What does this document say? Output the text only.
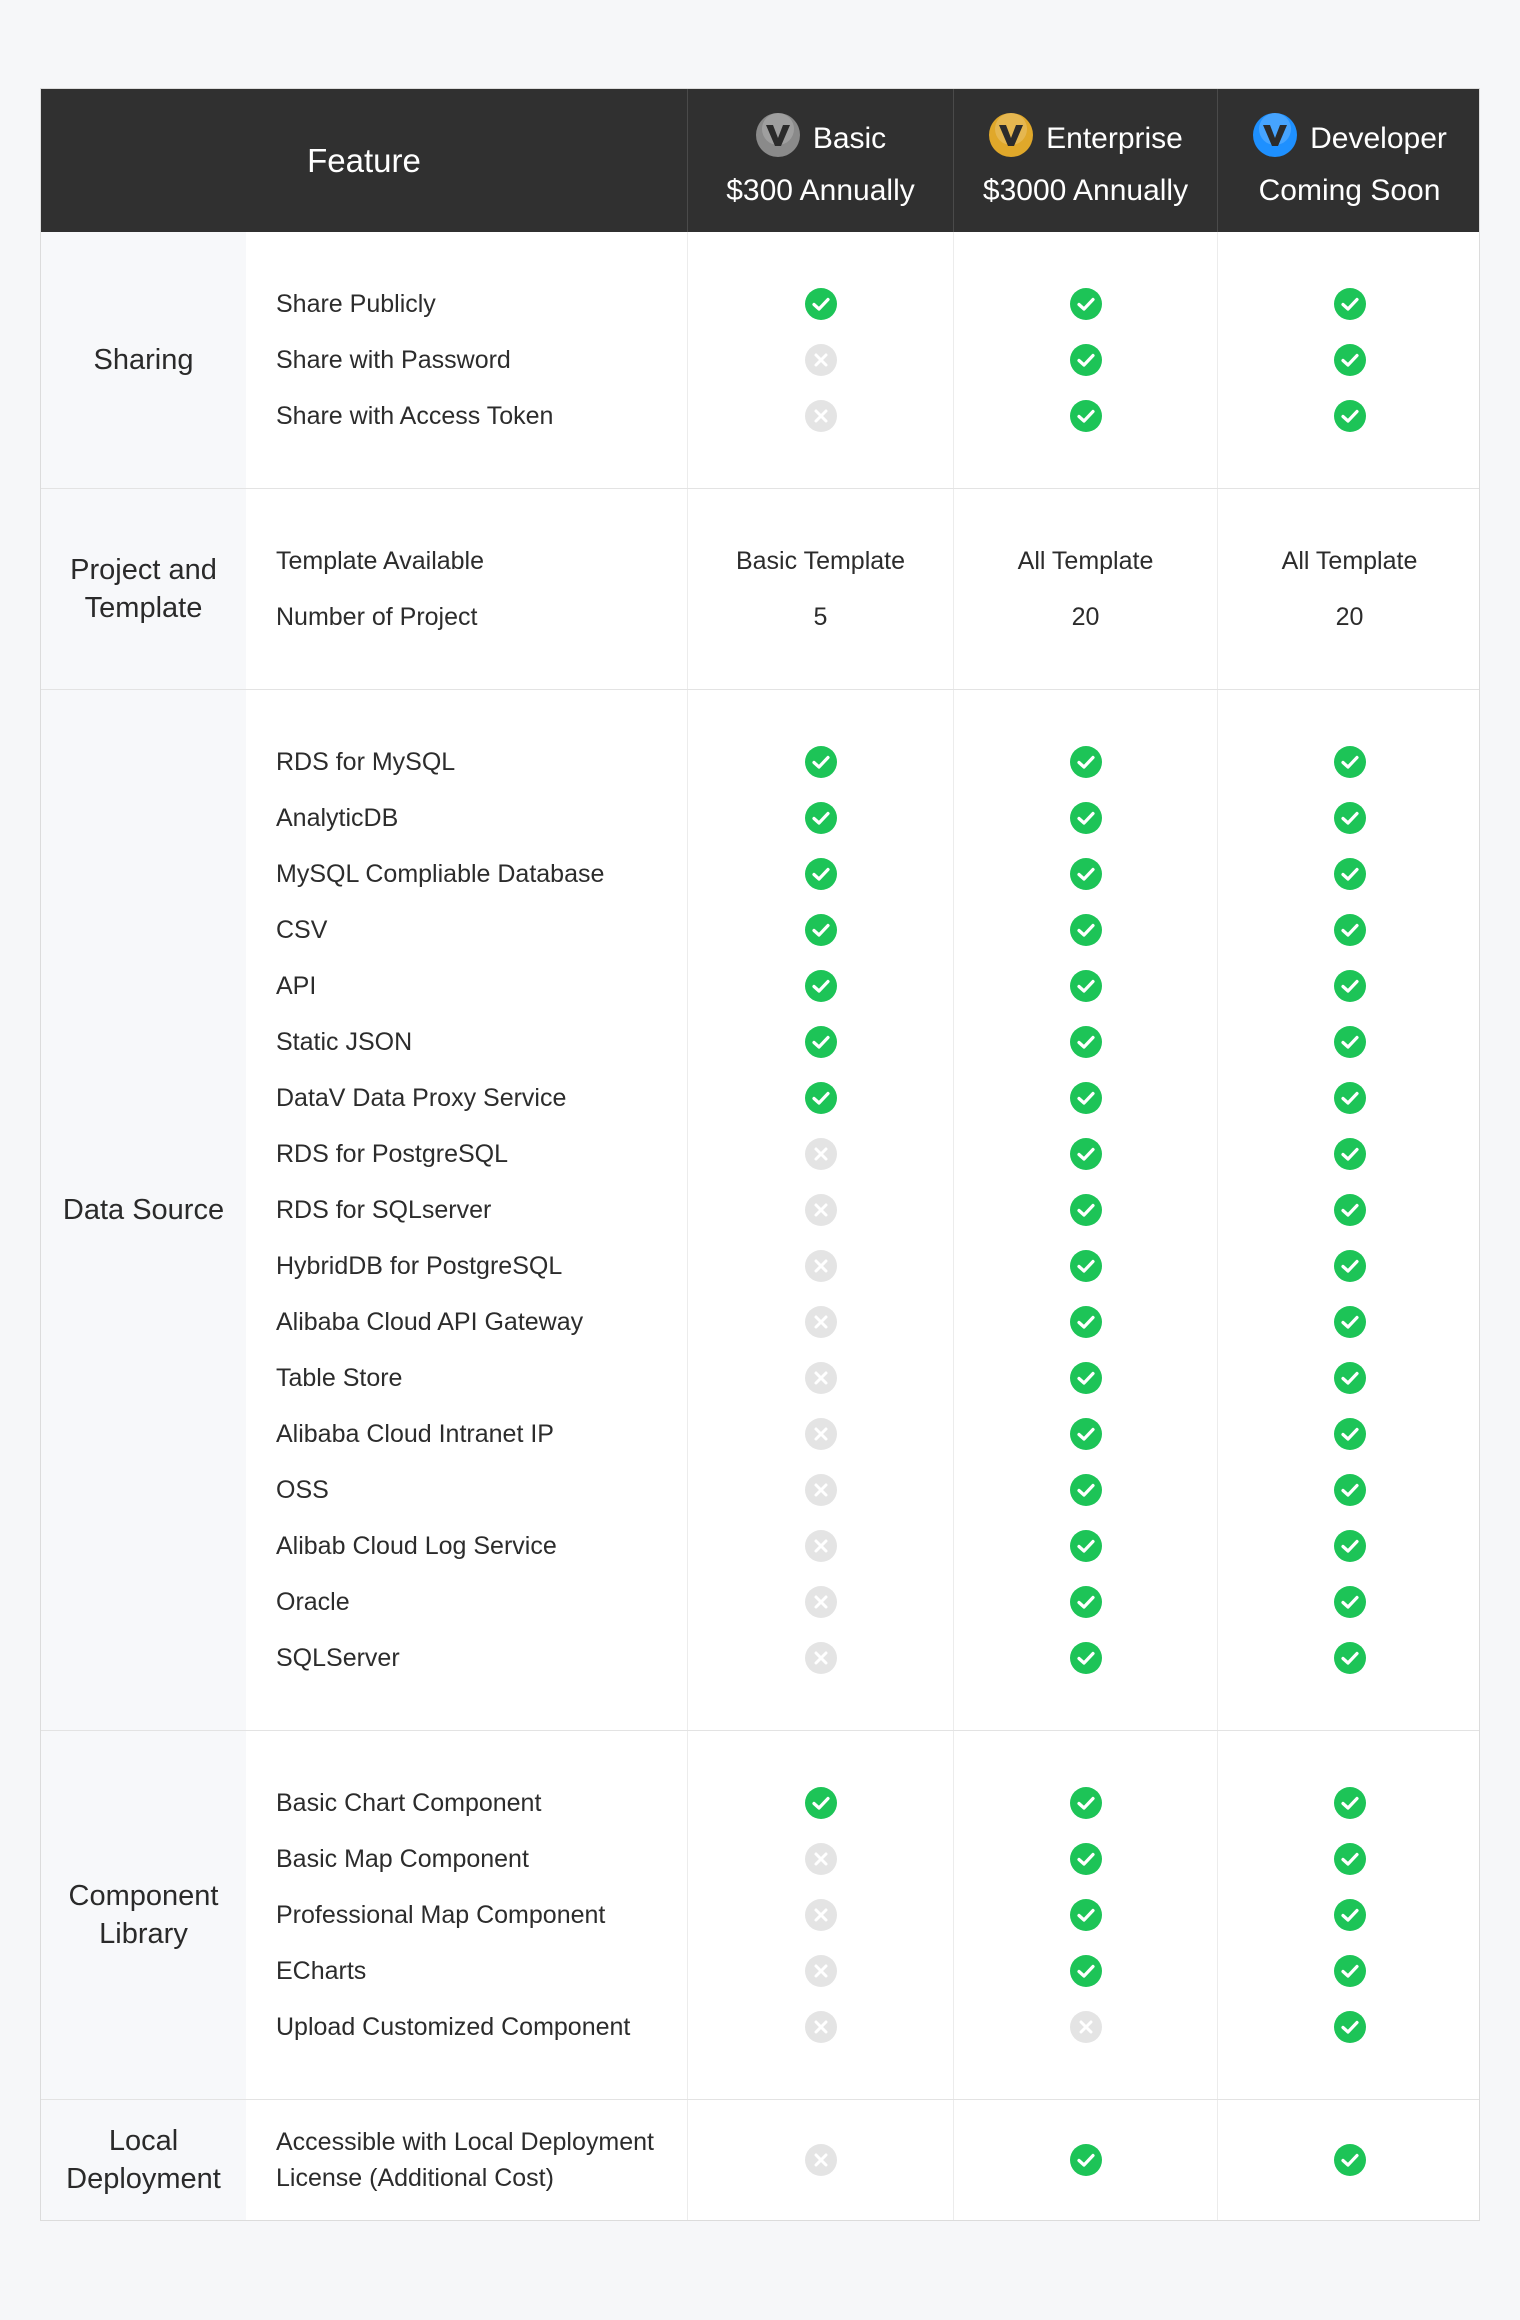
Feature
Basic
$300 Annually
Enterprise
$3000 Annually
Developer
Coming Soon
Sharing
Share Publicly
Share with Password
Share with Access Token
Project and Template
Template Available
Number of Project
Basic Template
5
All Template
20
All Template
20
Data Source
RDS for MySQL
AnalyticDB
MySQL Compliable Database
CSV
API
Static JSON
DataV Data Proxy Service
RDS for PostgreSQL
RDS for SQLserver
HybridDB for PostgreSQL
Alibaba Cloud API Gateway
Table Store
Alibaba Cloud Intranet IP
OSS
Alibab Cloud Log Service
Oracle
SQLServer
Component Library
Basic Chart Component
Basic Map Component
Professional Map Component
ECharts
Upload Customized Component
Local Deployment
Accessible with Local Deployment License (Additional Cost)
